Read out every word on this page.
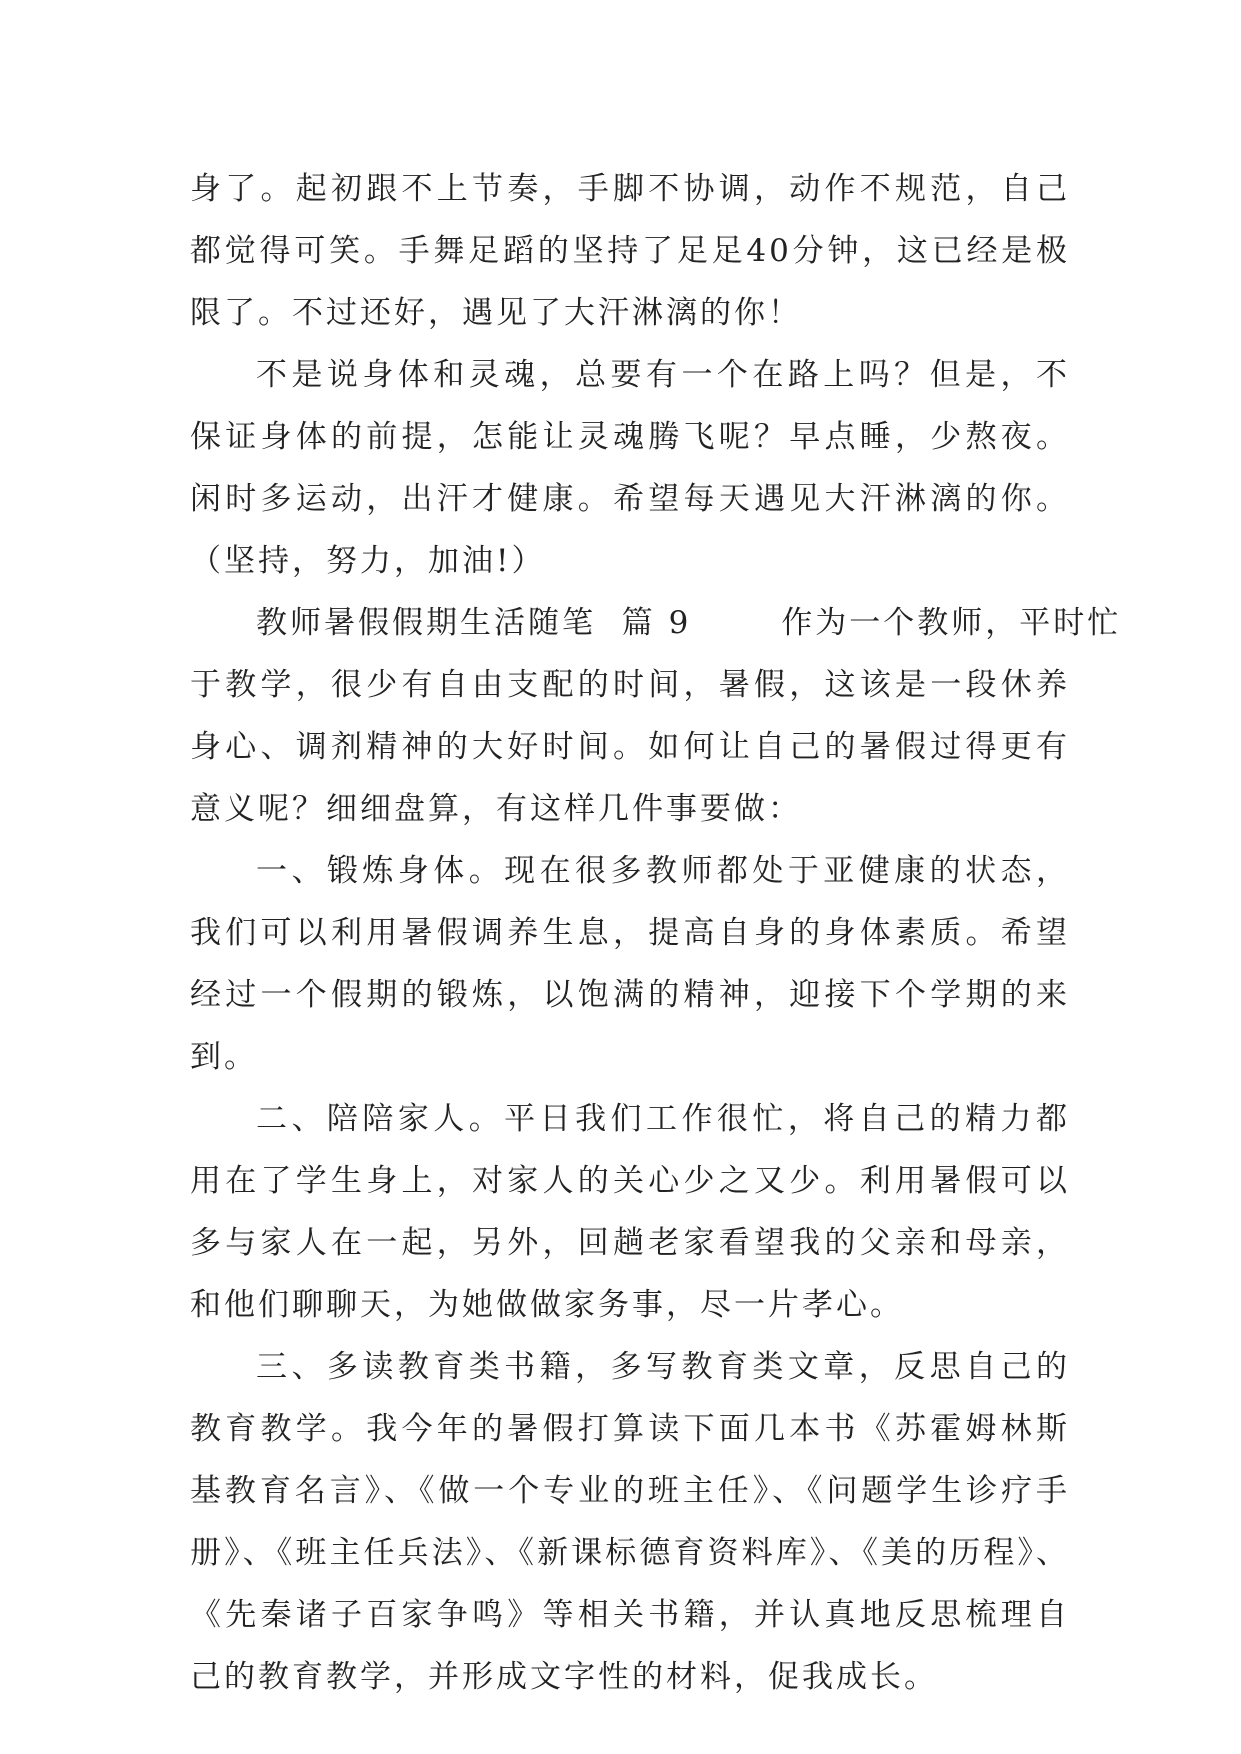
身了。起初跟不上节奏，手脚不协调，动作不规范，自己都觉得可笑。手舞足蹈的坚持了足足40分钟，这已经是极限了。不过还好，遇见了大汗淋漓的你！

不是说身体和灵魂，总要有一个在路上吗？但是，不保证身体的前提，怎能让灵魂腾飞呢？早点睡，少熬夜。闲时多运动，出汗才健康。希望每天遇见大汗淋漓的你。（坚持，努力，加油!）

教师暑假假期生活随笔 篇 9	作为一个教师，平时忙

于教学，很少有自由支配的时间，暑假，这该是一段休养身心、调剂精神的大好时间。如何让自己的暑假过得更有意义呢？细细盘算，有这样几件事要做：

一、锻炼身体。现在很多教师都处于亚健康的状态，我们可以利用暑假调养生息，提高自身的身体素质。希望经过一个假期的锻炼，以饱满的精神，迎接下个学期的来到。

二、陪陪家人。平日我们工作很忙，将自己的精力都用在了学生身上，对家人的关心少之又少。利用暑假可以多与家人在一起，另外，回趟老家看望我的父亲和母亲，和他们聊聊天，为她做做家务事，尽一片孝心。

三、多读教育类书籍，多写教育类文章，反思自己的教育教学。我今年的暑假打算读下面几本书《苏霍姆林斯基教育名言》、《做一个专业的班主任》、《问题学生诊疗手册》、《班主任兵法》、《新课标德育资料库》、《美的历程》、《先秦诸子百家争鸣》等相关书籍，并认真地反思梳理自己的教育教学，并形成文字性的材料，促我成长。
